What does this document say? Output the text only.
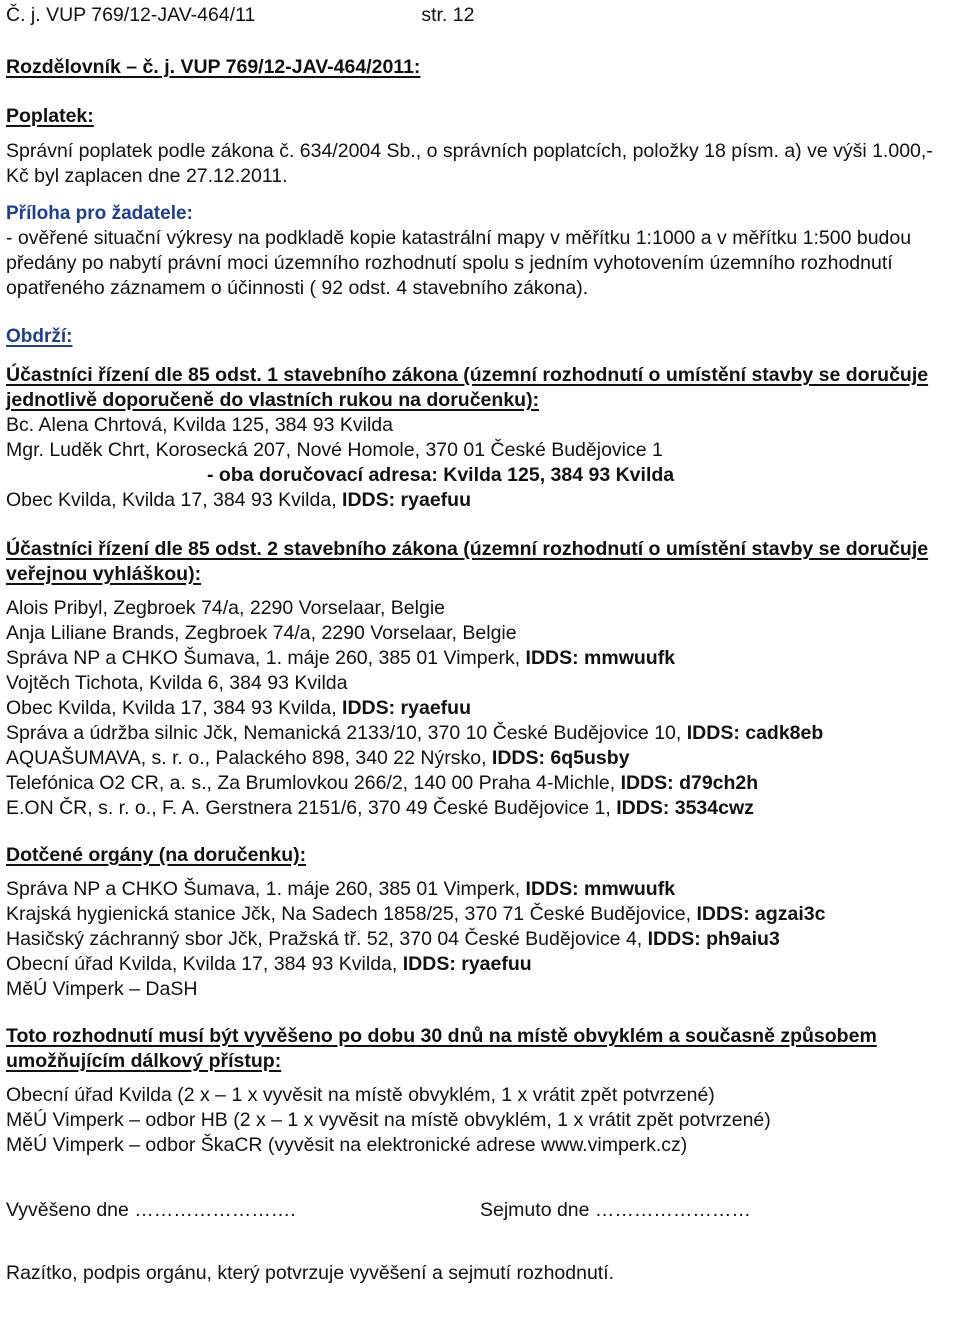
Č. j. VUP 769/12-JAV-464/11	str. 12

Rozdělovník – č. j. VUP 769/12-JAV-464/2011:

Poplatek:

Správní poplatek podle zákona č. 634/2004 Sb., o správních poplatcích, položky 18 písm. a) ve výši 1.000,- Kč byl zaplacen dne 27.12.2011.

Příloha pro žadatele:

- ověřené situační výkresy na podkladě kopie katastrální mapy v měřítku 1:1000 a v měřítku 1:500 budou předány po nabytí právní moci územního rozhodnutí spolu s jedním vyhotovením územního rozhodnutí opatřeného záznamem o účinnosti ( 92 odst. 4 stavebního zákona).

Obdrží:

Účastníci řízení dle 85 odst. 1 stavebního zákona (územní rozhodnutí o umístění stavby se doručuje jednotlivě doporučeně do vlastních rukou na doručenku):

Bc. Alena Chrtová, Kvilda 125, 384 93 Kvilda

Mgr. Luděk Chrt, Korosecká 207, Nové Homole, 370 01 České Budějovice 1

- oba doručovací adresa: Kvilda 125, 384 93 Kvilda

Obec Kvilda, Kvilda 17, 384 93 Kvilda, IDDS: ryaefuu

Účastníci řízení dle 85 odst. 2 stavebního zákona (územní rozhodnutí o umístění stavby se doručuje veřejnou vyhláškou):

Alois Pribyl, Zegbroek 74/a, 2290 Vorselaar, Belgie

Anja Liliane Brands, Zegbroek 74/a, 2290 Vorselaar, Belgie

Správa NP a CHKO Šumava, 1. máje 260, 385 01 Vimperk, IDDS: mmwuufk

Vojtěch Tichota, Kvilda 6, 384 93 Kvilda

Obec Kvilda, Kvilda 17, 384 93 Kvilda, IDDS: ryaefuu

Správa a údržba silnic Jčk, Nemanická 2133/10, 370 10 České Budějovice 10, IDDS: cadk8eb

AQUAŠUMAVA, s. r. o., Palackého 898, 340 22 Nýrsko, IDDS: 6q5usby

Telefónica O2 CR, a. s., Za Brumlovkou 266/2, 140 00 Praha 4-Michle, IDDS: d79ch2h

E.ON ČR, s. r. o., F. A. Gerstnera 2151/6, 370 49 České Budějovice 1, IDDS: 3534cwz

Dotčené orgány (na doručenku):

Správa NP a CHKO Šumava, 1. máje 260, 385 01 Vimperk, IDDS: mmwuufk

Krajská hygienická stanice Jčk, Na Sadech 1858/25, 370 71 České Budějovice, IDDS: agzai3c

Hasičský záchranný sbor Jčk, Pražská tř. 52, 370 04 České Budějovice 4, IDDS: ph9aiu3

Obecní úřad Kvilda, Kvilda 17, 384 93 Kvilda, IDDS: ryaefuu

MěÚ Vimperk – DaSH

Toto rozhodnutí musí být vyvěšeno po dobu 30 dnů na místě obvyklém a současně způsobem umožňujícím dálkový přístup:

Obecní úřad Kvilda (2 x – 1 x vyvěsit na místě obvyklém, 1 x vrátit zpět potvrzené)

MěÚ Vimperk – odbor HB (2 x – 1 x vyvěsit na místě obvyklém, 1 x vrátit zpět potvrzené)

MěÚ Vimperk – odbor ŠkaCR (vyvěsit na elektronické adrese www.vimperk.cz)

Vyvěšeno dne …………………….	Sejmuto dne ……………………

Razítko, podpis orgánu, který potvrzuje vyvěšení a sejmutí rozhodnutí.
